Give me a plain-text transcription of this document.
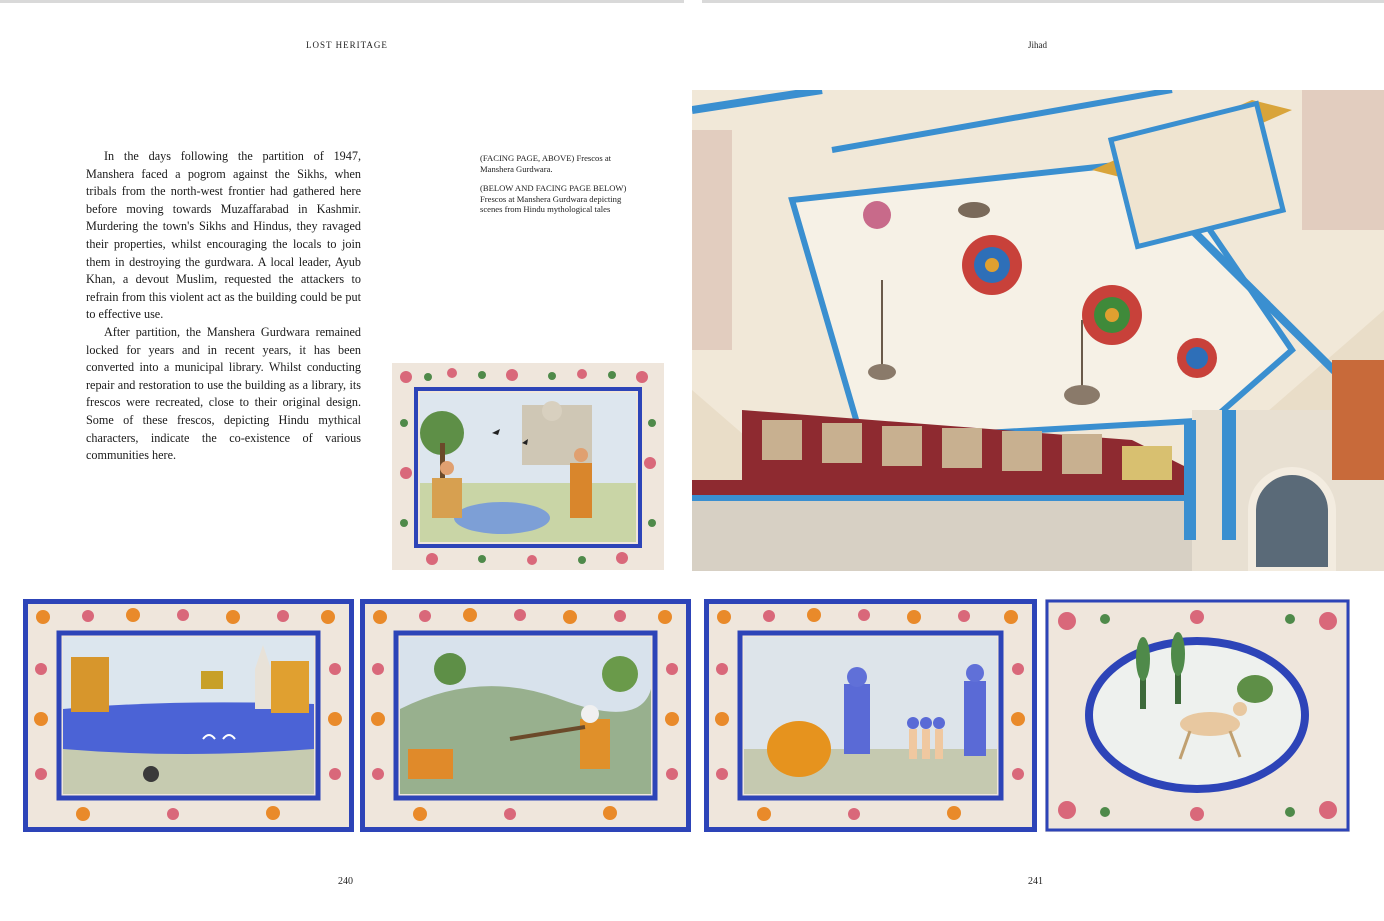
LOST HERITAGE	Jihad

In the days following the partition of 1947, Manshera faced a pogrom against the Sikhs, when tribals from the north-west frontier had gathered here before moving towards Muzaffarabad in Kashmir. Murdering the town's Sikhs and Hindus, they ravaged their properties, whilst encouraging the locals to join them in destroying the gurdwara. A local leader, Ayub Khan, a devout Muslim, requested the attackers to refrain from this violent act as the building could be put to effective use.

After partition, the Manshera Gurdwara remained locked for years and in recent years, it has been converted into a municipal library. Whilst conducting repair and restoration to use the building as a library, its frescos were recreated, close to their original design. Some of these frescos, depicting Hindu mythical characters, indicate the co-existence of various communities here.

(FACING PAGE, ABOVE) Frescos at Manshera Gurdwara.

(BELOW AND FACING PAGE BELOW) Frescos at Manshera Gurdwara depicting scenes from Hindu mythological tales

240	241
